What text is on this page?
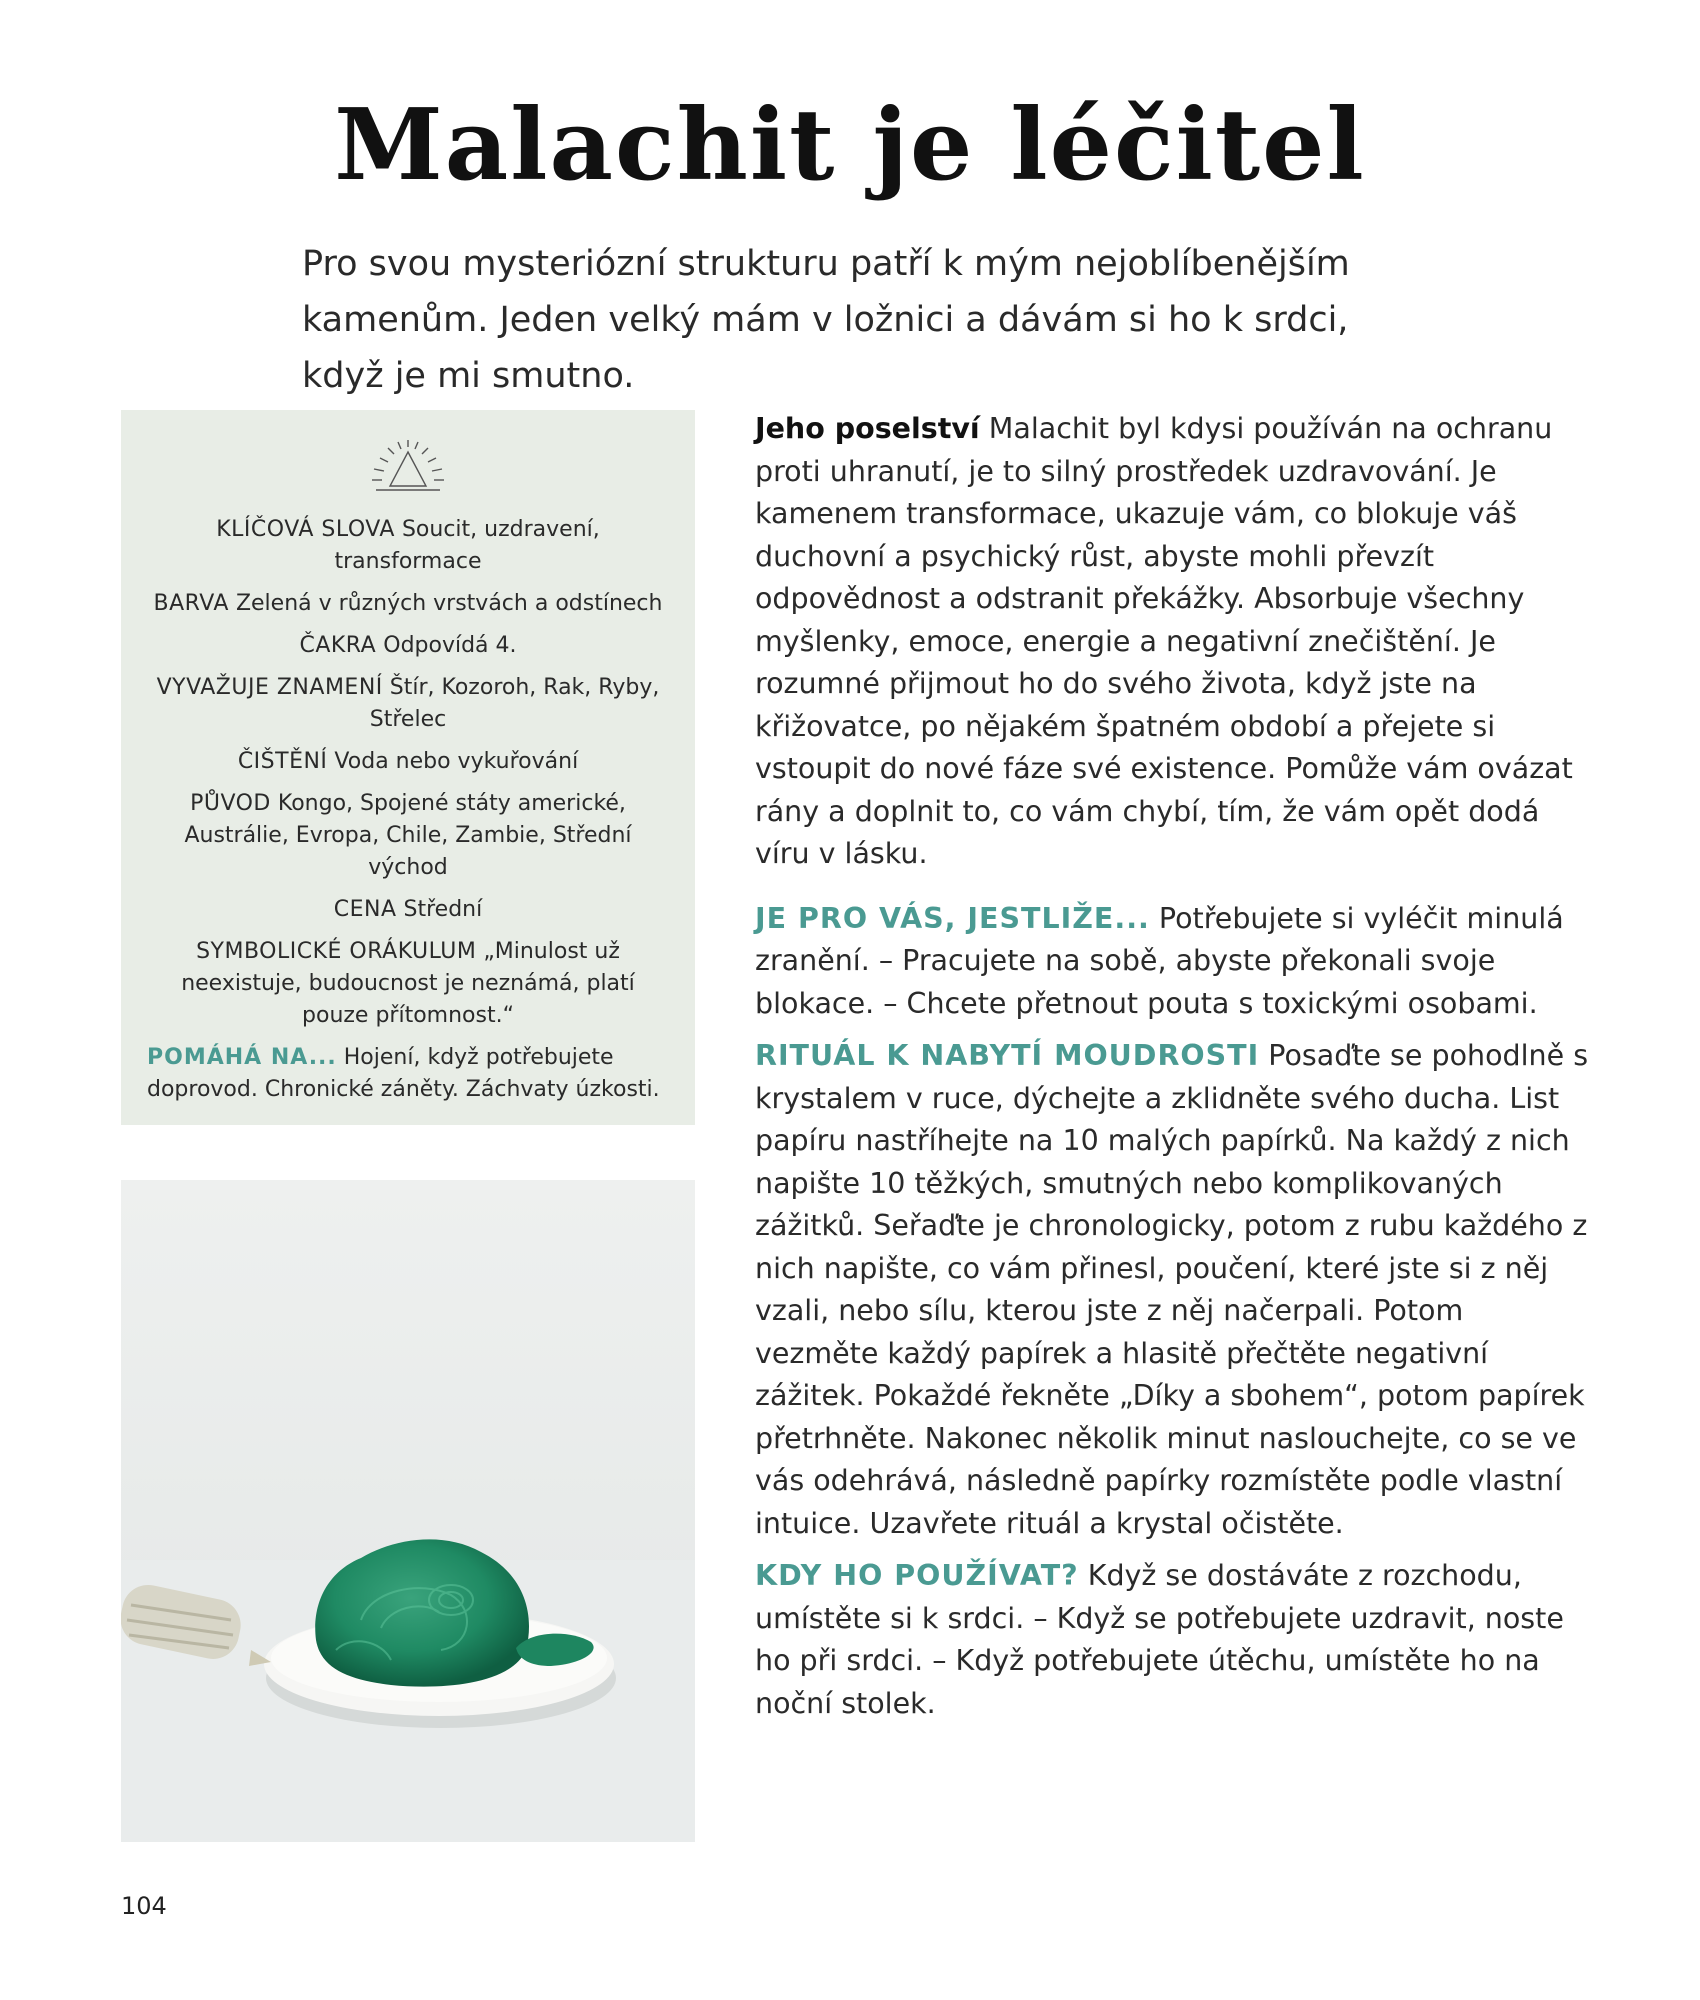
Malachit je léčitel

Pro svou mysteriózní strukturu patří k mým nejoblíbenějším kamenům. Jeden velký mám v ložnici a dávám si ho k srdci, když je mi smutno.

KLÍČOVÁ SLOVA Soucit, uzdravení, transformace

BARVA Zelená v různých vrstvách a odstínech

ČAKRA Odpovídá 4.

VYVAŽUJE ZNAMENÍ Štír, Kozoroh, Rak, Ryby, Střelec

ČIŠTĚNÍ Voda nebo vykuřování

PŮVOD Kongo, Spojené státy americké, Austrálie, Evropa, Chile, Zambie, Střední východ

CENA Střední

SYMBOLICKÉ ORÁKULUM „Minulost už neexistuje, budoucnost je neznámá, platí pouze přítomnost.“

POMÁHÁ NA... Hojení, když potřebujete doprovod. Chronické záněty. Záchvaty úzkosti.

Jeho poselství Malachit byl kdysi používán na ochranu proti uhranutí, je to silný prostředek uzdravování. Je kamenem transformace, ukazuje vám, co blokuje váš duchovní a psychický růst, abyste mohli převzít odpovědnost a odstranit překážky. Absorbuje všechny myšlenky, emoce, energie a negativní znečištění. Je rozumné přijmout ho do svého života, když jste na křižovatce, po nějakém špatném období a přejete si vstoupit do nové fáze své existence. Pomůže vám ovázat rány a doplnit to, co vám chybí, tím, že vám opět dodá víru v lásku.

JE PRO VÁS, JESTLIŽE... Potřebujete si vyléčit minulá zranění. – Pracujete na sobě, abyste překonali svoje blokace. – Chcete přetnout pouta s toxickými osobami.

RITUÁL K NABYTÍ MOUDROSTI Posaďte se pohodlně s krystalem v ruce, dýchejte a zklidněte svého ducha. List papíru nastříhejte na 10 malých papírků. Na každý z nich napište 10 těžkých, smutných nebo komplikovaných zážitků. Seřaďte je chronologicky, potom z rubu každého z nich napište, co vám přinesl, poučení, které jste si z něj vzali, nebo sílu, kterou jste z něj načerpali. Potom vezměte každý papírek a hlasitě přečtěte negativní zážitek. Pokaždé řekněte „Díky a sbohem“, potom papírek přetrhněte. Nakonec několik minut naslouchejte, co se ve vás odehrává, následně papírky rozmístěte podle vlastní intuice. Uzavřete rituál a krystal očistěte.

KDY HO POUŽÍVAT? Když se dostáváte z rozchodu, umístěte si k srdci. – Když se potřebujete uzdravit, noste ho při srdci. – Když potřebujete útěchu, umístěte ho na noční stolek.

104
